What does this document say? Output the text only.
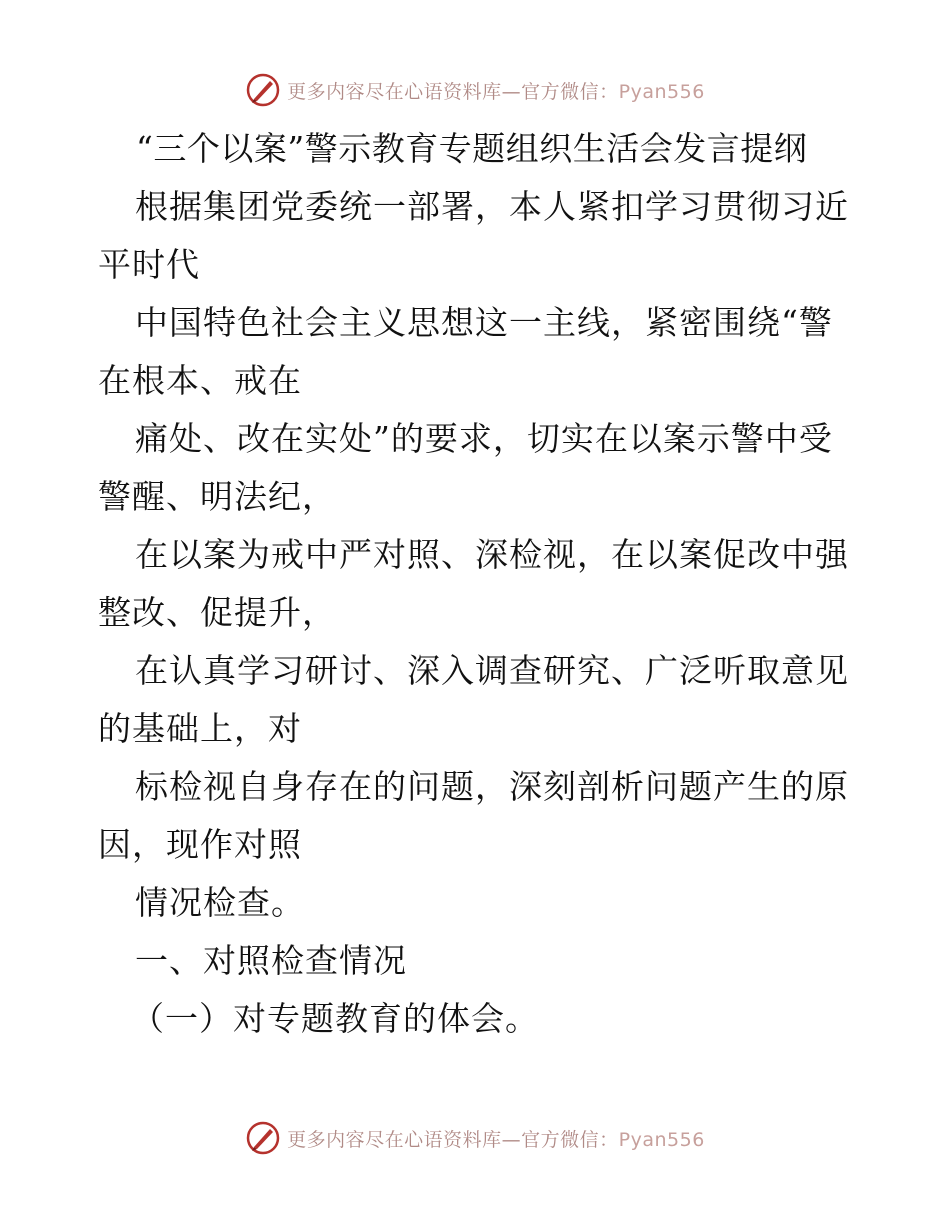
更多内容尽在心语资料库—官方微信：Pyan556
“三个以案”警示教育专题组织生活会发言提纲
根据集团党委统一部署，本人紧扣学习贯彻习近
平时代
中国特色社会主义思想这一主线，紧密围绕“警
在根本、戒在
痛处、改在实处”的要求，切实在以案示警中受
警醒、明法纪，
在以案为戒中严对照、深检视，在以案促改中强
整改、促提升，
在认真学习研讨、深入调查研究、广泛听取意见
的基础上，对
标检视自身存在的问题，深刻剖析问题产生的原
因，现作对照
情况检查。
一、对照检查情况
（一）对专题教育的体会。
更多内容尽在心语资料库—官方微信：Pyan556
